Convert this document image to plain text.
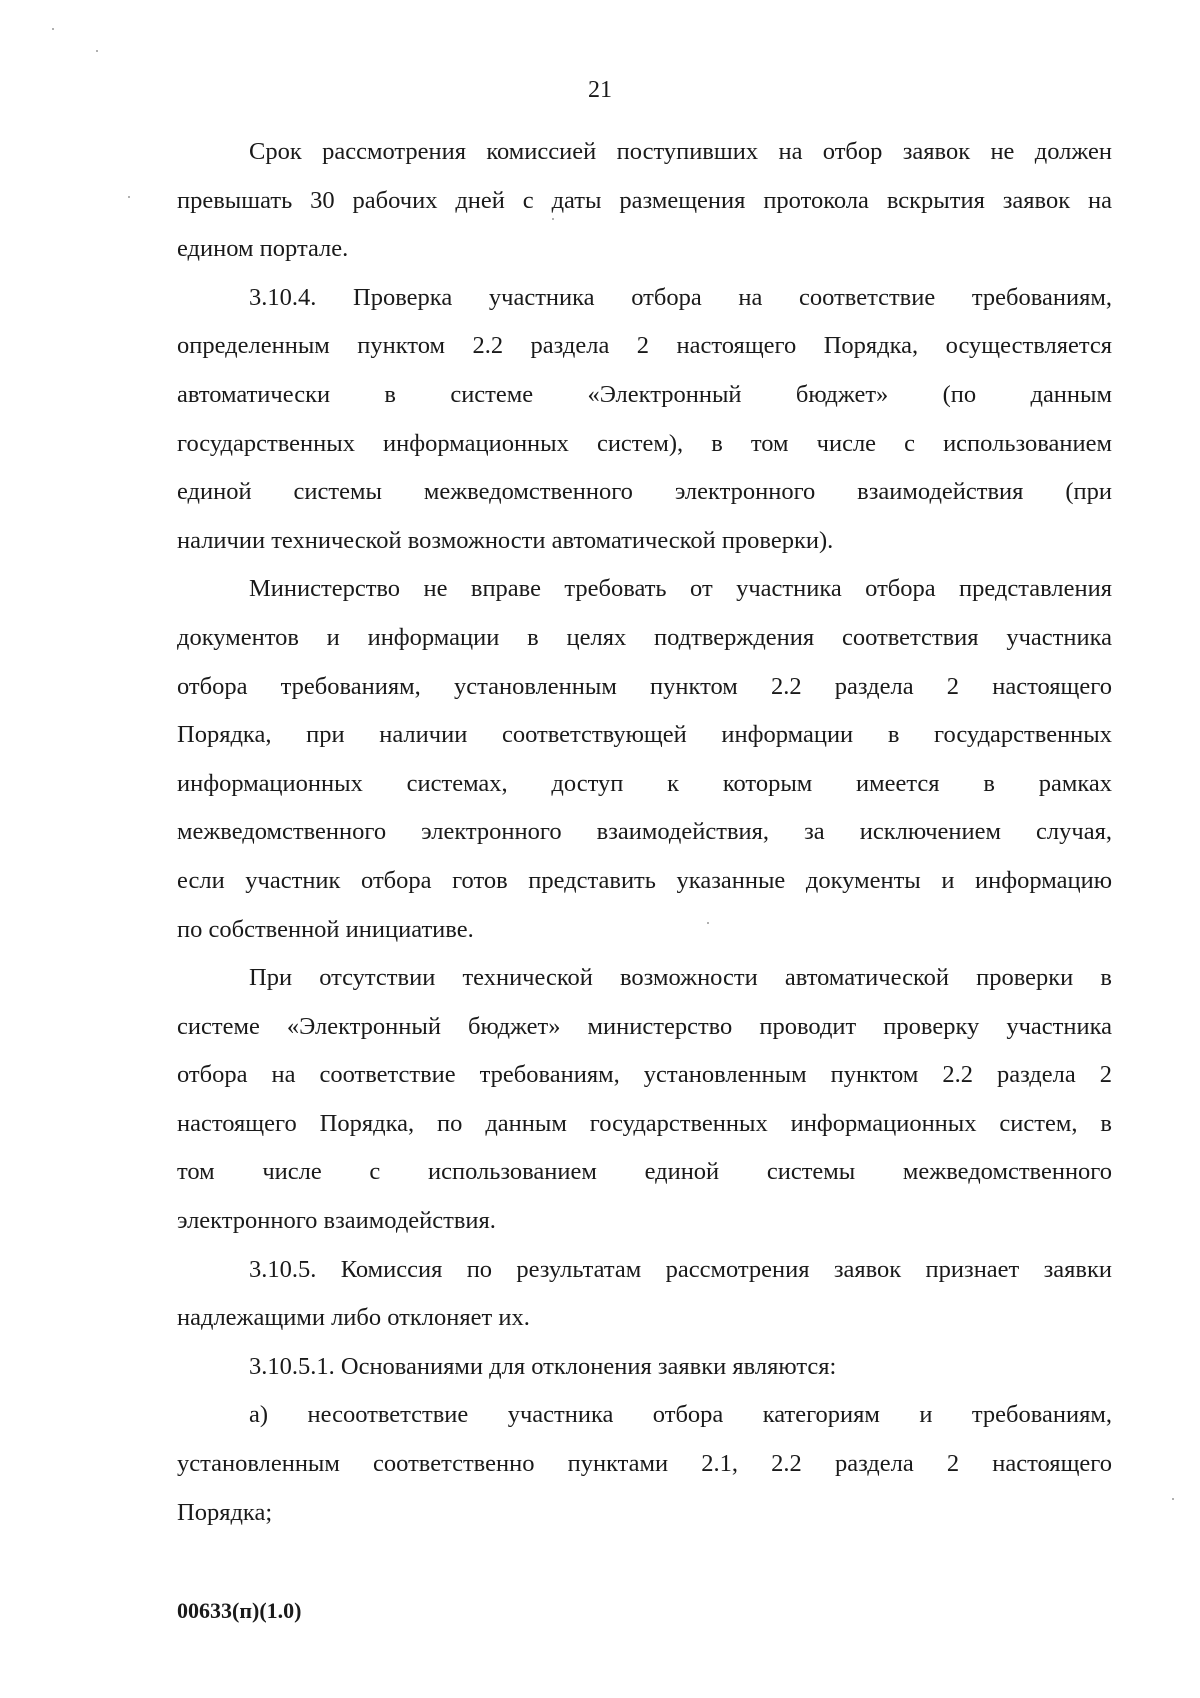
21
Срок рассмотрения комиссией поступивших на отбор заявок не должен
превышать 30 рабочих дней с даты размещения протокола вскрытия заявок на
едином портале.
3.10.4. Проверка участника отбора на соответствие требованиям,
определенным пунктом 2.2 раздела 2 настоящего Порядка, осуществляется
автоматически в системе «Электронный бюджет» (по данным
государственных информационных систем), в том числе с использованием
единой системы межведомственного электронного взаимодействия (при
наличии технической возможности автоматической проверки).
Министерство не вправе требовать от участника отбора представления
документов и информации в целях подтверждения соответствия участника
отбора требованиям, установленным пунктом 2.2 раздела 2 настоящего
Порядка, при наличии соответствующей информации в государственных
информационных системах, доступ к которым имеется в рамках
межведомственного электронного взаимодействия, за исключением случая,
если участник отбора готов представить указанные документы и информацию
по собственной инициативе.
При отсутствии технической возможности автоматической проверки в
системе «Электронный бюджет» министерство проводит проверку участника
отбора на соответствие требованиям, установленным пунктом 2.2 раздела 2
настоящего Порядка, по данным государственных информационных систем, в
том числе с использованием единой системы межведомственного
электронного взаимодействия.
3.10.5. Комиссия по результатам рассмотрения заявок признает заявки
надлежащими либо отклоняет их.
3.10.5.1. Основаниями для отклонения заявки являются:
а) несоответствие участника отбора категориям и требованиям,
установленным соответственно пунктами 2.1, 2.2 раздела 2 настоящего
Порядка;
00633(п)(1.0)
